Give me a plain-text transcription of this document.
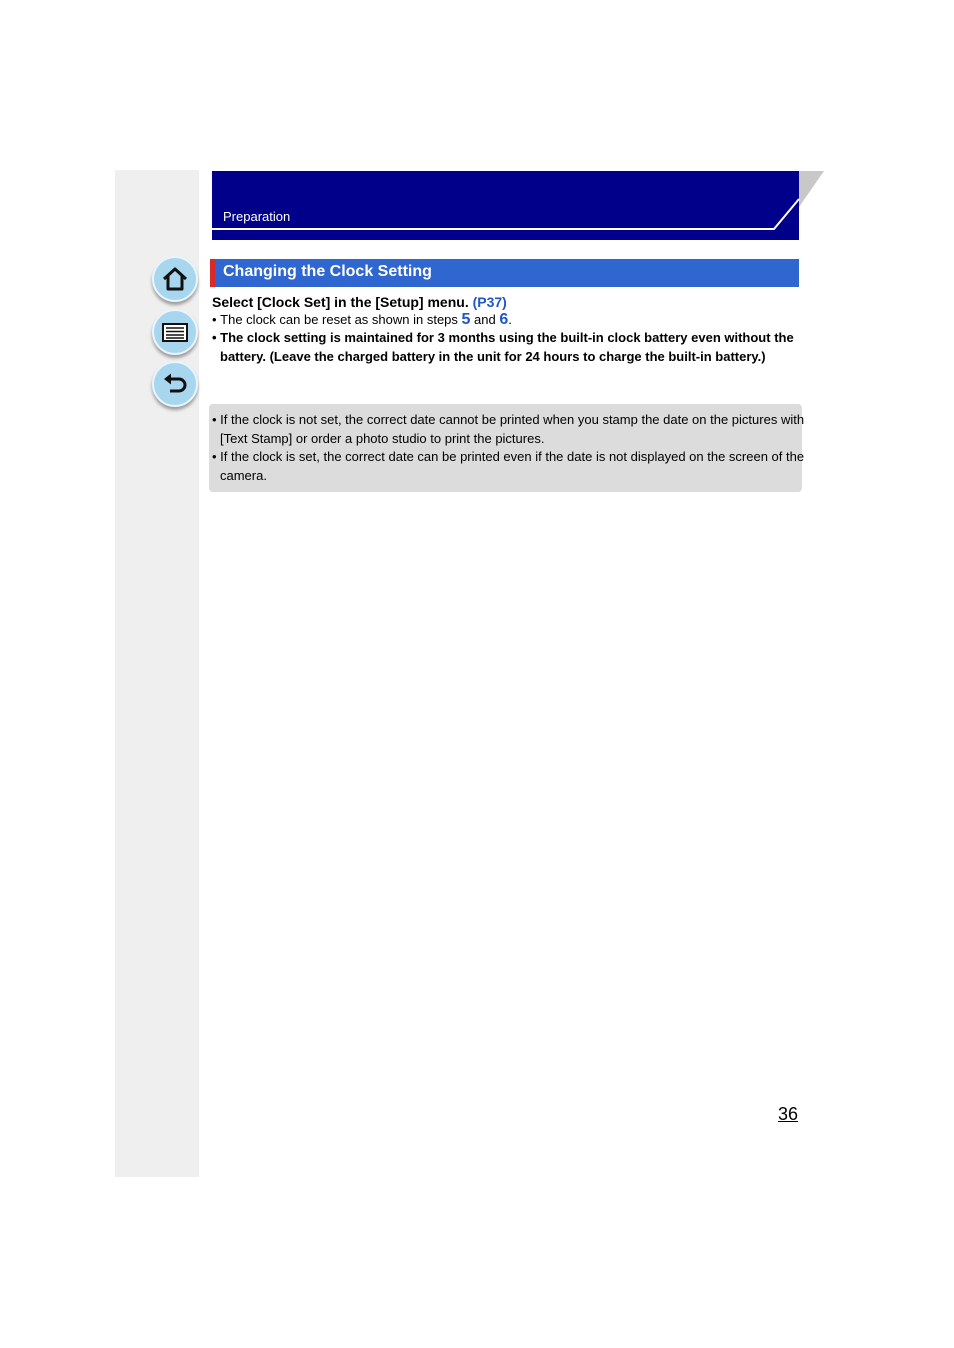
Preparation
Changing the Clock Setting
Select [Clock Set] in the [Setup] menu. (P37)
• The clock can be reset as shown in steps 5 and 6.
• The clock setting is maintained for 3 months using the built-in clock battery even without the battery. (Leave the charged battery in the unit for 24 hours to charge the built-in battery.)
• If the clock is not set, the correct date cannot be printed when you stamp the date on the pictures with [Text Stamp] or order a photo studio to print the pictures.
• If the clock is set, the correct date can be printed even if the date is not displayed on the screen of the camera.
36
